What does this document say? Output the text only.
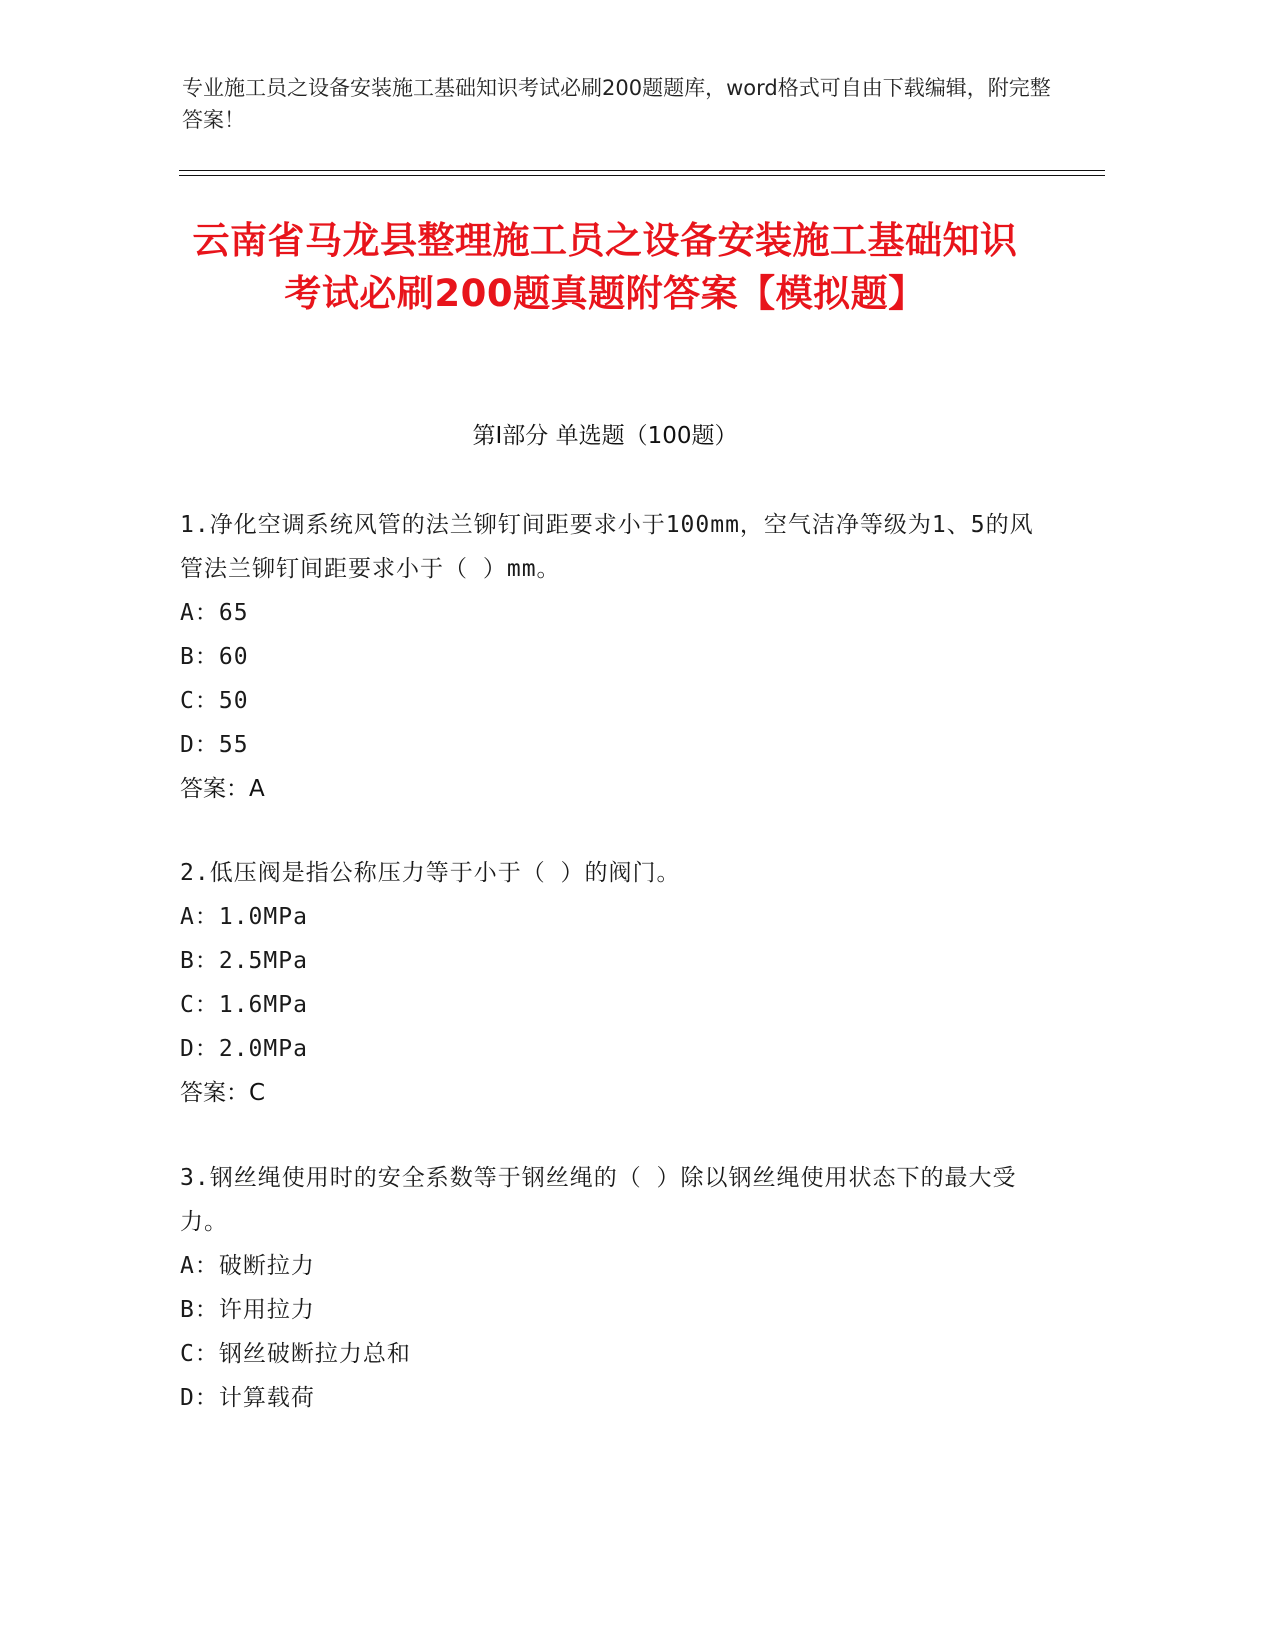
专业施工员之设备安装施工基础知识考试必刷200题题库，word格式可自由下载编辑，附完整答案！
云南省马龙县整理施工员之设备安装施工基础知识考试必刷200题真题附答案【模拟题】
第I部分 单选题（100题）
1.净化空调系统风管的法兰铆钉间距要求小于100mm，空气洁净等级为1、5的风管法兰铆钉间距要求小于（ ）mm。
A：65
B：60
C：50
D：55
答案：A
2.低压阀是指公称压力等于小于（ ）的阀门。
A：1.0MPa
B：2.5MPa
C：1.6MPa
D：2.0MPa
答案：C
3.钢丝绳使用时的安全系数等于钢丝绳的（ ）除以钢丝绳使用状态下的最大受力。
A：破断拉力
B：许用拉力
C：钢丝破断拉力总和
D：计算载荷
